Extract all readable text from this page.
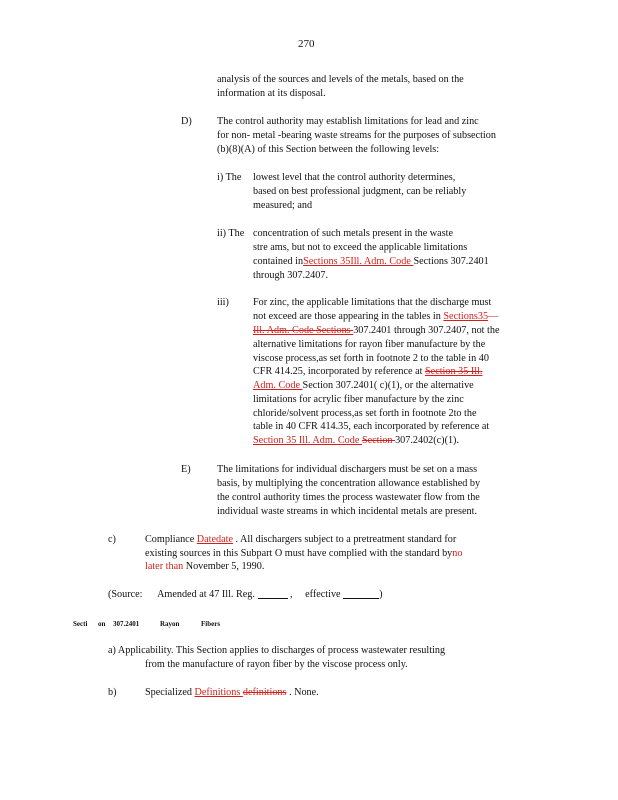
270
analysis of the sources and levels of the metals, based on the
information at its disposal.
D) The control authority may establish limitations for lead and zinc
for non- metal -bearing waste streams for the purposes of subsection
(b)(8)(A) of this Section between the following levels:
i) The lowest level that the control authority determines,
based on best professional judgment, can be reliably
measured; and
ii) The concentration of such metals present in the waste
stre ams, but not to exceed the applicable limitations
contained inSections 35Ill. Adm. Code Sections 307.2401
through 307.2407.
iii) For zinc, the applicable limitations that the discharge must
not exceed are those appearing in the tables in Sections35—
Ill. Adm. Code Sections 307.2401 through 307.2407, not the
alternative limitations for rayon fiber manufacture by the
viscose process,as set forth in footnote 2 to the table in 40
CFR 414.25, incorporated by reference at Section 35 Ill.
Adm. Code Section 307.2401( c)(1), or the alternative
limitations for acrylic fiber manufacture by the zinc
chloride/solvent process,as set forth in footnote 2to the
table in 40 CFR 414.35, each incorporated by reference at
Section 35 Ill. Adm. Code Section 307.2402(c)(1).
E)	The limitations for individual dischargers must be set on a mass
basis, by multiplying the concentration allowance established by
the control authority times the process wastewater flow from the
individual waste streams in which incidental metals are present.
c)	Compliance Datedate . All dischargers subject to a pretreatment standard for
existing sources in this Subpart O must have complied with the standard byno
later than November 5, 1990.
(Source: Amended at 47 Ill. Reg.	, effective	)
Secti on 307.2401	Rayon	Fibers
a) Applicability. This Section applies to discharges of process wastewater resulting
from the manufacture of rayon fiber by the viscose process only.
b)	Specialized Definitions definitions . None.
